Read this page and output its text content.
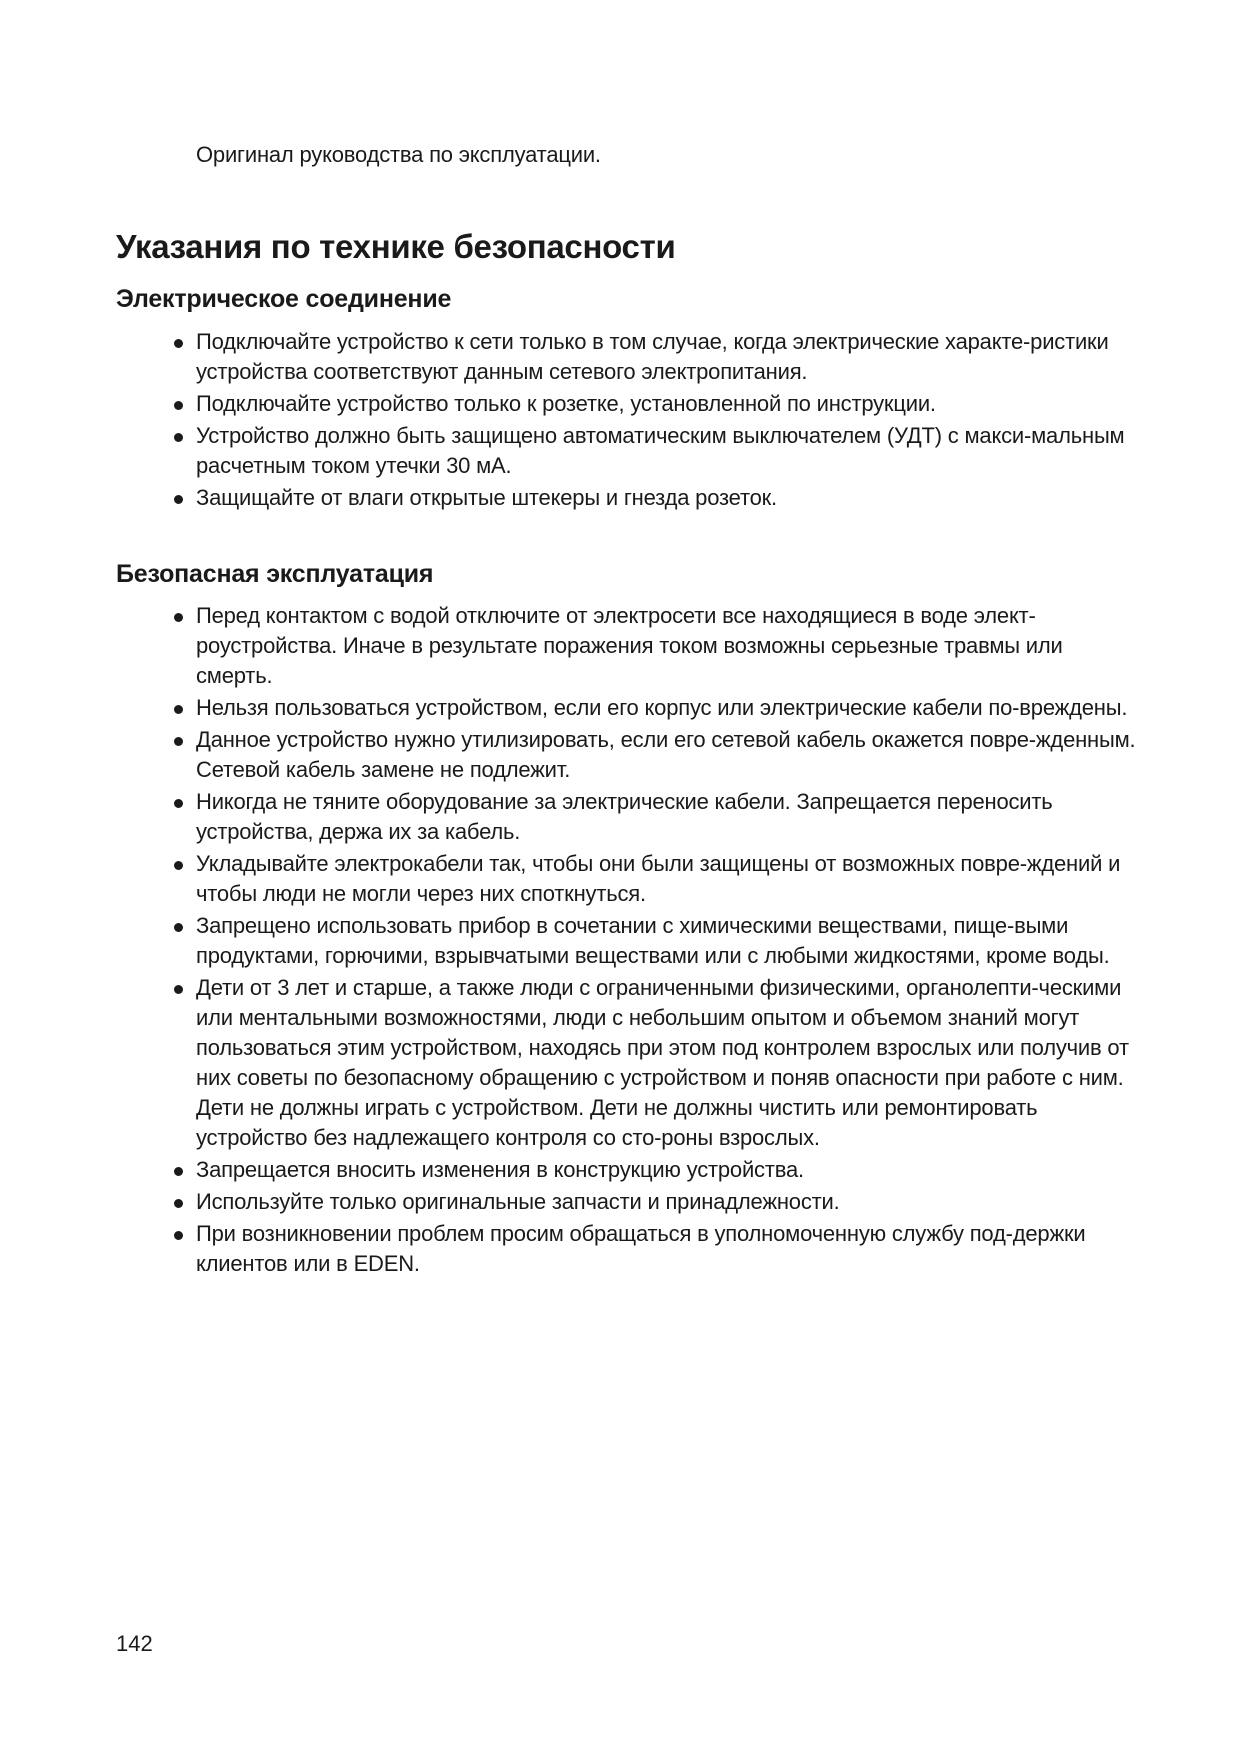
Оригинал руководства по эксплуатации.

Указания по технике безопасности
Электрическое соединение
Подключайте устройство к сети только в том случае, когда электрические характе-ристики устройства соответствуют данным сетевого электропитания.
Подключайте устройство только к розетке, установленной по инструкции.
Устройство должно быть защищено автоматическим выключателем (УДТ) с макси-мальным расчетным током утечки 30 мА.
Защищайте от влаги открытые штекеры и гнезда розеток.
Безопасная эксплуатация
Перед контактом с водой отключите от электросети все находящиеся в воде элект-роустройства. Иначе в результате поражения током возможны серьезные травмы или смерть.
Нельзя пользоваться устройством, если его корпус или электрические кабели по-вреждены.
Данное устройство нужно утилизировать, если его сетевой кабель окажется повре-жденным. Сетевой кабель замене не подлежит.
Никогда не тяните оборудование за электрические кабели. Запрещается переносить устройства, держа их за кабель.
Укладывайте электрокабели так, чтобы они были защищены от возможных повре-ждений и чтобы люди не могли через них споткнуться.
Запрещено использовать прибор в сочетании с химическими веществами, пище-выми продуктами, горючими, взрывчатыми веществами или с любыми жидкостями, кроме воды.
Дети от 3 лет и старше, а также люди с ограниченными физическими, органолепти-ческими или ментальными возможностями, люди с небольшим опытом и объемом знаний могут пользоваться этим устройством, находясь при этом под контролем взрослых или получив от них советы по безопасному обращению с устройством и поняв опасности при работе с ним. Дети не должны играть с устройством. Дети не должны чистить или ремонтировать устройство без надлежащего контроля со сто-роны взрослых.
Запрещается вносить изменения в конструкцию устройства.
Используйте только оригинальные запчасти и принадлежности.
При возникновении проблем просим обращаться в уполномоченную службу под-держки клиентов или в EDEN.

142
